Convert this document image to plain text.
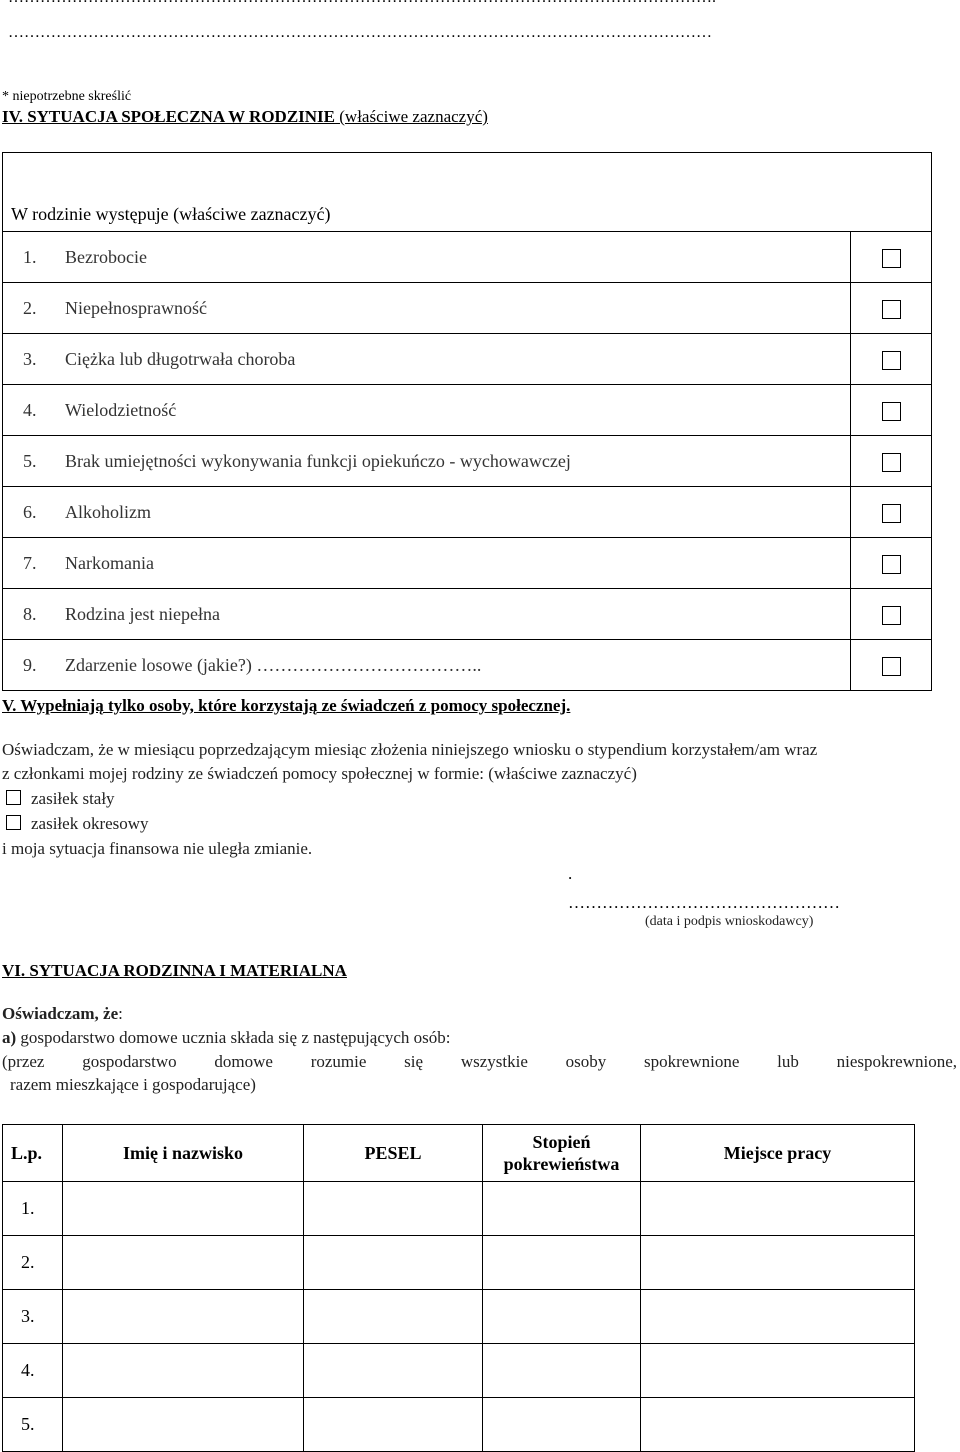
……………………………………………………………………………………………………………………
* niepotrzebne skreślić
IV. SYTUACJA SPOŁECZNA W RODZINIE (właściwe zaznaczyć)
W rodzinie występuje (właściwe zaznaczyć)	
1. Bezrobocie	
2. Niepełnosprawność	
3. Ciężka lub długotrwała choroba	
4. Wielodzietność	
5. Brak umiejętności wykonywania funkcji opiekuńczo - wychowawczej	
6. Alkoholizm	
7. Narkomania	
8. Rodzina jest niepełna	
9. Zdarzenie losowe (jakie?) ………………………………..	
V. Wypełniają tylko osoby, które korzystają ze świadczeń z pomocy społecznej.
Oświadczam, że w miesiącu poprzedzającym miesiąc złożenia niniejszego wniosku o stypendium korzystałem/am wraz
z członkami mojej rodziny ze świadczeń pomocy społecznej w formie: (właściwe zaznaczyć)
zasiłek stały
zasiłek okresowy
i moja sytuacja finansowa nie uległa zmianie.
.
…………………………………………
(data i podpis wnioskodawcy)
VI. SYTUACJA RODZINNA I MATERIALNA
Oświadczam, że:
a) gospodarstwo domowe ucznia składa się z następujących osób:
(przez gospodarstwo domowe rozumie się wszystkie osoby spokrewnione lub niespokrewnione,
razem mieszkające i gospodarujące)
L.p.	Imię i nazwisko	PESEL	Stopień pokrewieństwa	Miejsce pracy
1.				
2.				
3.				
4.				
5.				
